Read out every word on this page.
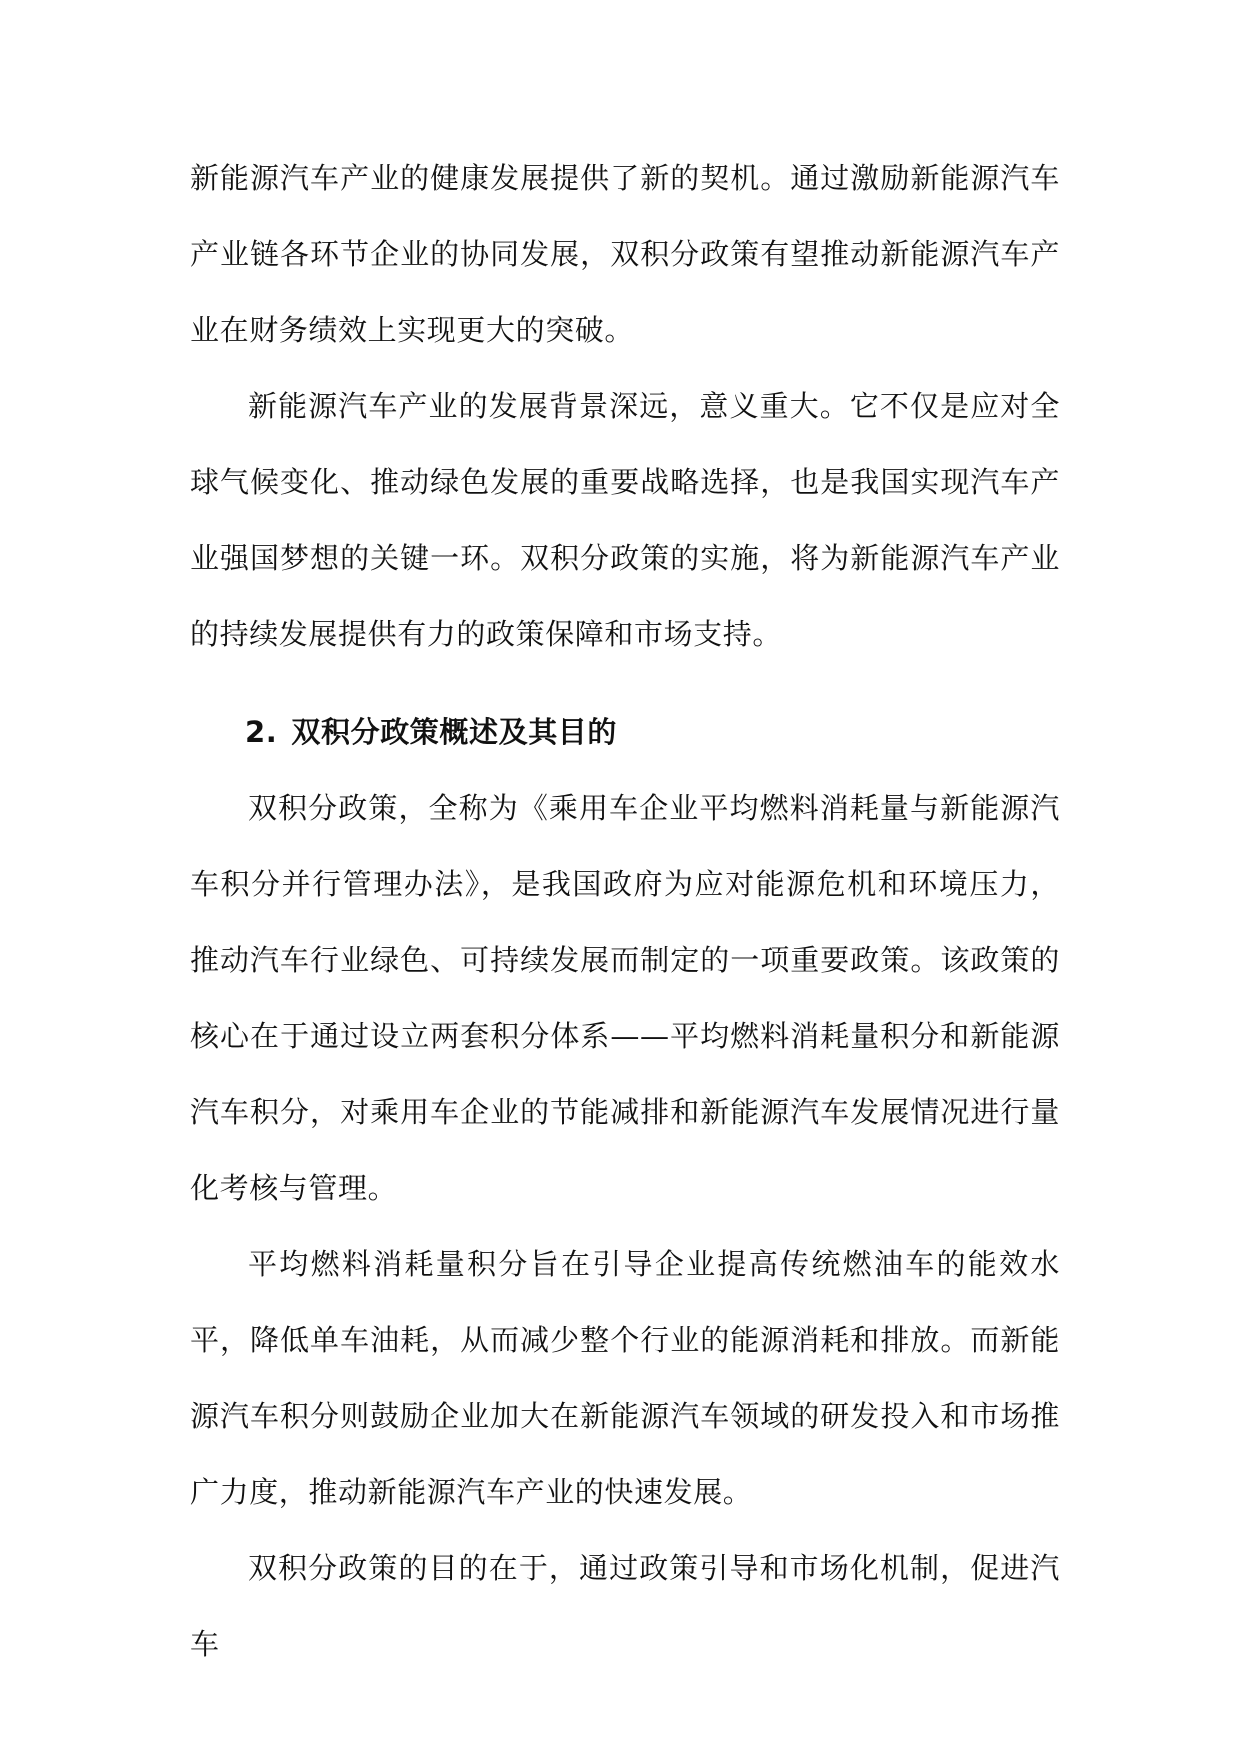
新能源汽车产业的健康发展提供了新的契机。通过激励新能源汽车产业链各环节企业的协同发展，双积分政策有望推动新能源汽车产业在财务绩效上实现更大的突破。

新能源汽车产业的发展背景深远，意义重大。它不仅是应对全球气候变化、推动绿色发展的重要战略选择，也是我国实现汽车产业强国梦想的关键一环。双积分政策的实施，将为新能源汽车产业的持续发展提供有力的政策保障和市场支持。

2. 双积分政策概述及其目的

双积分政策，全称为《乘用车企业平均燃料消耗量与新能源汽车积分并行管理办法》，是我国政府为应对能源危机和环境压力，推动汽车行业绿色、可持续发展而制定的一项重要政策。该政策的核心在于通过设立两套积分体系——平均燃料消耗量积分和新能源汽车积分，对乘用车企业的节能减排和新能源汽车发展情况进行量化考核与管理。

平均燃料消耗量积分旨在引导企业提高传统燃油车的能效水平，降低单车油耗，从而减少整个行业的能源消耗和排放。而新能源汽车积分则鼓励企业加大在新能源汽车领域的研发投入和市场推广力度，推动新能源汽车产业的快速发展。

双积分政策的目的在于，通过政策引导和市场化机制，促进汽车
